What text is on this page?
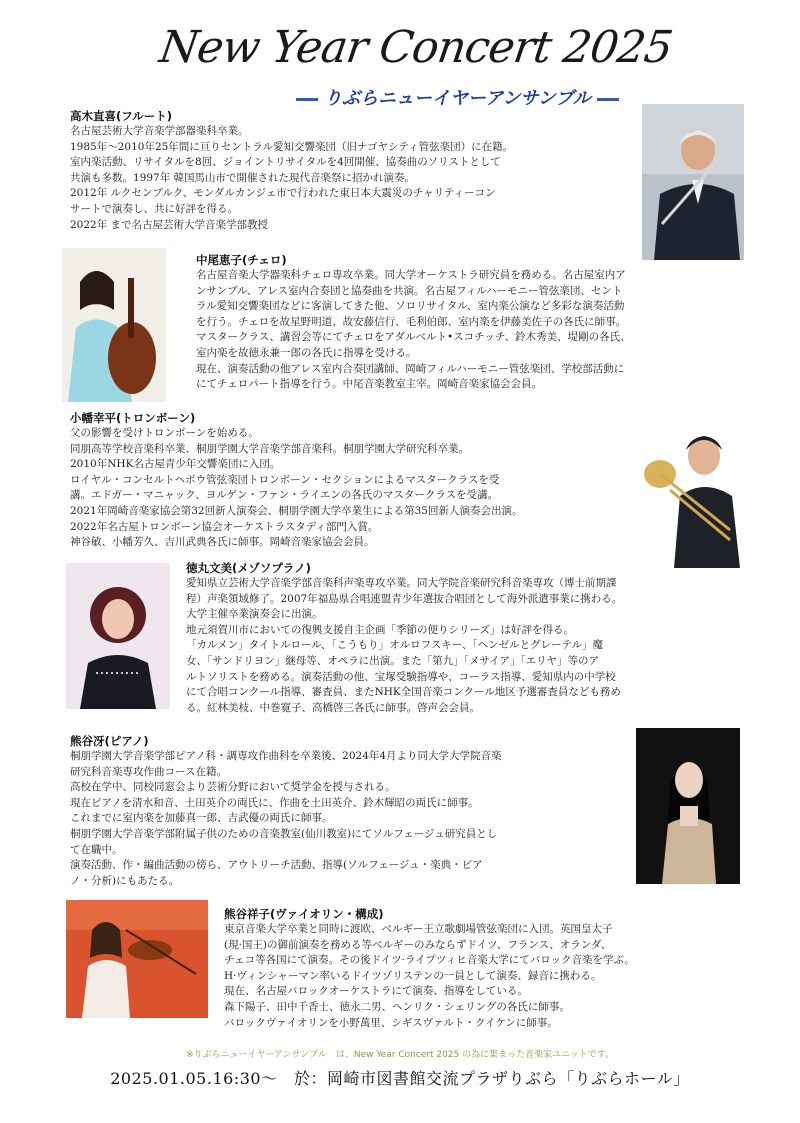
New Year Concert 2025
りぶらニューイヤーアンサンブル
高木直喜(フルート)

名古屋芸術大学音楽学部器楽科卒業。

1985年～2010年25年間に亘りセントラル愛知交響楽団（旧ナゴヤシティ管弦楽団）に在籍。

室内楽活動、リサイタルを8回、ジョイントリサイタルを4回開催、協奏曲のソリストとして

共演も多数。1997年 韓国馬山市で開催された現代音楽祭に招かれ演奏。

2012年 ルクセンブルク、モンダルカンジェ市で行われた東日本大震災のチャリティーコン

サートで演奏し、共に好評を得る。

2022年 まで名古屋芸術大学音楽学部教授

中尾恵子(チェロ)

名古屋音楽大学器楽科チェロ専攻卒業。同大学オーケストラ研究員を務める。名古屋室内ア

ンサンブル、アレス室内合奏団と協奏曲を共演。名古屋フィルハーモニー管弦楽団、セント

ラル愛知交響楽団などに客演してきた他、ソロリサイタル、室内楽公演など多彩な演奏活動

を行う。チェロを故星野明道、故安藤信行、毛利伯郎、室内楽を伊藤美佐子の各氏に師事。

マスタークラス、講習会等にてチェロをアダルベルト•スコチッチ、鈴木秀美、堤剛の各氏、

室内楽を故徳永兼一郎の各氏に指導を受ける。

現在、演奏活動の他アレス室内合奏団講師、岡崎フィルハーモニー管弦楽団、学校部活動に

にてチェロパート指導を行う。中尾音楽教室主宰。岡崎音楽家協会会員。

小幡幸平(トロンボーン)

父の影響を受けトロンボーンを始める。

同朋高等学校音楽科卒業、桐朋学園大学音楽学部音楽科。桐朋学園大学研究科卒業。

2010年NHK名古屋青少年交響楽団に入団。

ロイヤル・コンセルトヘボウ管弦楽団トロンボーン・セクションによるマスタークラスを受

講。エドガー・マニャック、ヨルゲン・ファン・ライエンの各氏のマスタークラスを受講。

2021年岡崎音楽家協会第32回新人演奏会、桐朋学園大学卒業生による第35回新人演奏会出演。

2022年名古屋トロンボーン協会オーケストラスタディ部門入賞。

神谷敏、小幡芳久、吉川武典各氏に師事。岡崎音楽家協会会員。

徳丸文美(メゾソプラノ)

愛知県立芸術大学音楽学部音楽科声楽専攻卒業。同大学院音楽研究科音楽専攻（博士前期課

程）声楽領域修了。2007年福島県合唱連盟青少年選抜合唱団として海外派遣事業に携わる。

大学主催卒業演奏会に出演。

地元須賀川市においての復興支援自主企画「季節の便りシリーズ」は好評を得る。

「カルメン」タイトルロール、「こうもり」オルロフスキー、「ヘンゼルとグレーテル」魔

女、「サンドリヨン」継母等、オペラに出演。また「第九」「メサイア」「エリヤ」等のア

ルトソリストを務める。演奏活動の他、宝塚受験指導や、コーラス指導、愛知県内の中学校

にて合唱コンクール指導、審査員、またNHK全国音楽コンクール地区予選審査員なども務め

る。紅林美枝、中巻寛子、高橋啓三各氏に師事。啓声会会員。

熊谷冴(ピアノ)

桐朋学園大学音楽学部ピアノ科・調専攻作曲科を卒業後、2024年4月より同大学大学院音楽

研究科音楽専攻作曲コース在籍。

高校在学中、同校同窓会より芸術分野において奨学金を授与される。

現在ピアノを清水和音、土田英介の両氏に、作曲を土田英介、鈴木輝昭の両氏に師事。

これまでに室内楽を加藤真一郎、吉武優の両氏に師事。

桐朋学園大学音楽学部附属子供のための音楽教室(仙川教室)にてソルフェージュ研究員とし

て在職中。

演奏活動、作・編曲活動の傍ら、アウトリーチ活動、指導(ソルフェージュ・楽典・ピア

ノ・分析)にもあたる。

熊谷祥子(ヴァイオリン・構成)

東京音楽大学卒業と同時に渡欧、ベルギー王立歌劇場管弦楽団に入団。英国皇太子

(現·国王)の御前演奏を務める等ベルギーのみならずドイツ、フランス、オランダ、

チェコ等各国にて演奏。その後ドイツ·ライプツィヒ音楽大学にてバロック音楽を学ぶ。

H·ヴィンシャーマン率いるドイツゾリステンの一員として演奏、録音に携わる。

現在、名古屋バロックオーケストラにて演奏、指導をしている。

森下陽子、田中千香士、徳永二男、ヘンリク・シェリングの各氏に師事。

バロックヴァイオリンを小野萬里、シギスヴァルト・クイケンに師事。

※りぶらニューイヤーアンサンブル　は、New Year Concert 2025 の為に集まった音楽家ユニットです。
2025.01.05.16:30～　於：岡崎市図書館交流プラザりぶら「りぶらホール」
